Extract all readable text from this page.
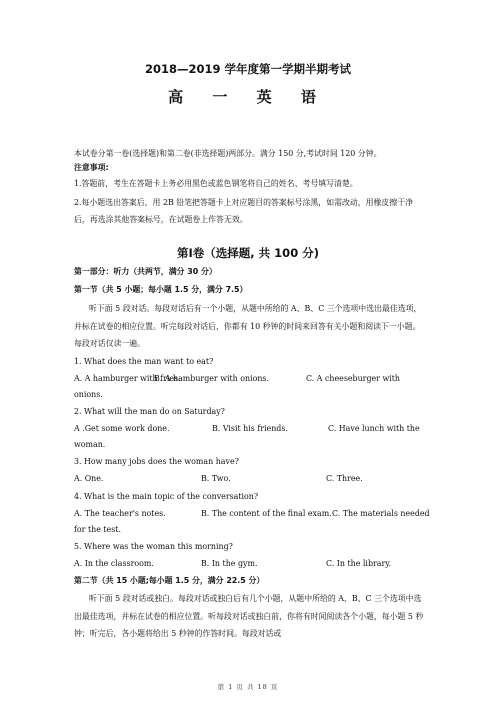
2018—2019 学年度第一学期半期考试
高 一 英 语
本试卷分第一卷(选择题)和第二卷(非选择题)两部分。满分 150 分,考试时间 120 分钟。
注意事项:
1.答题前，考生在答题卡上务必用黑色或蓝色钢笔将自己的姓名、考号填写清楚。
2.每小题选出答案后，用 2B 铅笔把答题卡上对应题目的答案标号涂黑，如需改动，用橡皮擦干净后，再选涂其他答案标号，在试题卷上作答无效。
第Ⅰ卷（选择题, 共 100 分)
第一部分：听力（共两节，满分 30 分）
第一节（共 5 小题；每小题 1.5 分，满分 7.5）
听下面 5 段对话。每段对话后有一个小题，从题中所给的 A、B、C 三个选项中选出最佳选项，并标在试卷的相应位置。听完每段对话后，你都有 10 秒钟的时间来回答有关小题和阅读下一小题。每段对话仅读一遍。
1. What does the man want to eat?
A. A hamburger with fries.
B. A hamburger with onions.	C. A cheeseburger with
onions.
2. What will the man do on Saturday?
A .Get some work done.	B. Visit his friends.	C. Have lunch with the
woman.
3. How many jobs does the woman have?
A. One.	B. Two.	C. Three.
4. What is the main topic of the conversation?
A. The teacher's notes.	B. The content of the final exam. C. The materials needed
for the test.
5. Where was the woman this morning?
A. In the classroom.	B. In the gym.	C. In the library.
第二节（共 15 小题;每小题 1.5 分，满分 22.5 分）
听下面 5 段对话或独白。每段对话或独白后有几个小题，从题中所给的 A、B、C 三个选项中选出最佳选项，并标在试卷的相应位置。听每段对话或独白前，你将有时间阅读各个小题，每小题 5 秒钟；听完后，各小题将给出 5 秒钟的作答时间。每段对话或
第 1 页 共 18 页
